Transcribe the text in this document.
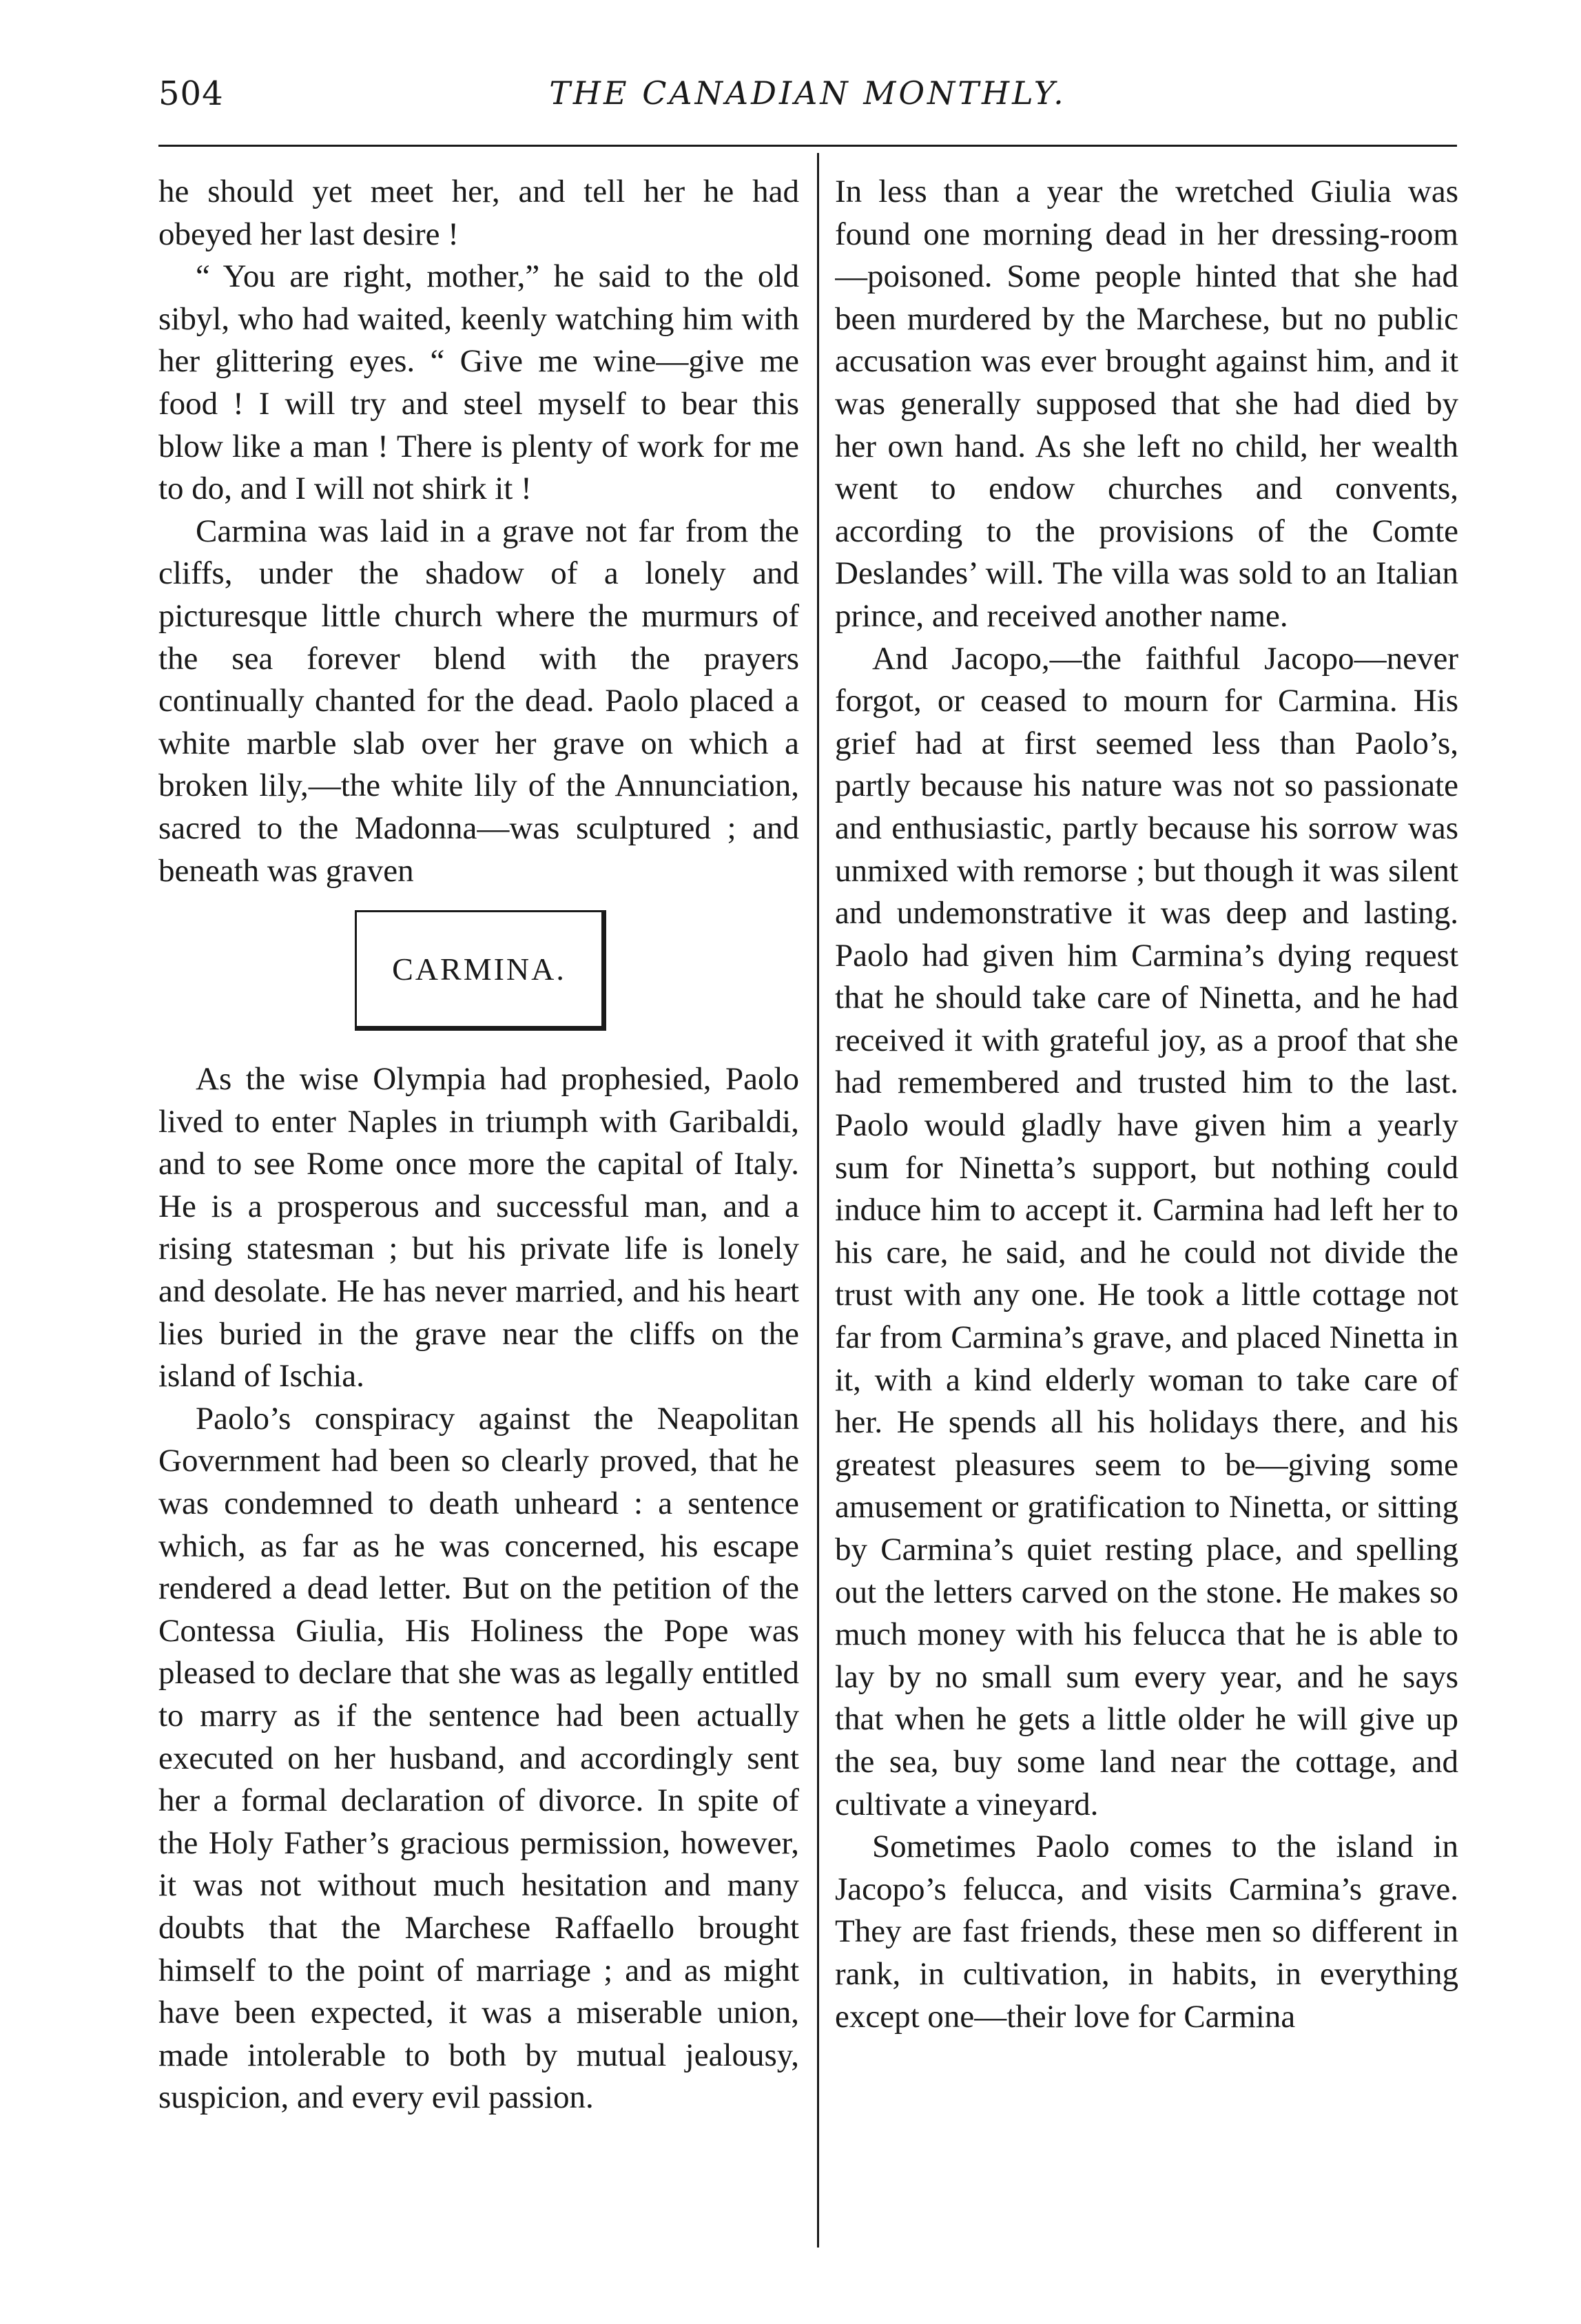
504	THE CANADIAN MONTHLY.

he should yet meet her, and tell her he had obeyed her last desire !

“ You are right, mother,” he said to the old sibyl, who had waited, keenly watching him with her glittering eyes. “ Give me wine—give me food ! I will try and steel myself to bear this blow like a man ! There is plenty of work for me to do, and I will not shirk it !

Carmina was laid in a grave not far from the cliffs, under the shadow of a lonely and picturesque little church where the murmurs of the sea forever blend with the prayers continually chanted for the dead. Paolo placed a white marble slab over her grave on which a broken lily,—the white lily of the Annunciation, sacred to the Madonna—was sculptured ; and beneath was graven

CARMINA.

As the wise Olympia had prophesied, Paolo lived to enter Naples in triumph with Garibaldi, and to see Rome once more the capital of Italy. He is a prosperous and successful man, and a rising statesman ; but his private life is lonely and desolate. He has never married, and his heart lies buried in the grave near the cliffs on the island of Ischia.

Paolo’s conspiracy against the Neapolitan Government had been so clearly proved, that he was condemned to death unheard : a sentence which, as far as he was concerned, his escape rendered a dead letter. But on the petition of the Contessa Giulia, His Holiness the Pope was pleased to declare that she was as legally entitled to marry as if the sentence had been actually executed on her husband, and accordingly sent her a formal declaration of divorce. In spite of the Holy Father’s gracious permission, however, it was not without much hesitation and many doubts that the Marchese Raffaello brought himself to the point of marriage ; and as might have been expected, it was a miserable union, made intolerable to both by mutual jealousy, suspicion, and every evil passion.

In less than a year the wretched Giulia was found one morning dead in her dressing-room—poisoned. Some people hinted that she had been murdered by the Marchese, but no public accusation was ever brought against him, and it was generally supposed that she had died by her own hand. As she left no child, her wealth went to endow churches and convents, according to the provisions of the Comte Deslandes’ will. The villa was sold to an Italian prince, and received another name.

And Jacopo,—the faithful Jacopo—never forgot, or ceased to mourn for Carmina. His grief had at first seemed less than Paolo’s, partly because his nature was not so passionate and enthusiastic, partly because his sorrow was unmixed with remorse ; but though it was silent and undemonstrative it was deep and lasting. Paolo had given him Carmina’s dying request that he should take care of Ninetta, and he had received it with grateful joy, as a proof that she had remembered and trusted him to the last. Paolo would gladly have given him a yearly sum for Ninetta’s support, but nothing could induce him to accept it. Carmina had left her to his care, he said, and he could not divide the trust with any one. He took a little cottage not far from Carmina’s grave, and placed Ninetta in it, with a kind elderly woman to take care of her. He spends all his holidays there, and his greatest pleasures seem to be—giving some amusement or gratification to Ninetta, or sitting by Carmina’s quiet resting place, and spelling out the letters carved on the stone. He makes so much money with his felucca that he is able to lay by no small sum every year, and he says that when he gets a little older he will give up the sea, buy some land near the cottage, and cultivate a vineyard.

Sometimes Paolo comes to the island in Jacopo’s felucca, and visits Carmina’s grave. They are fast friends, these men so different in rank, in cultivation, in habits, in everything except one—their love for Carmina
